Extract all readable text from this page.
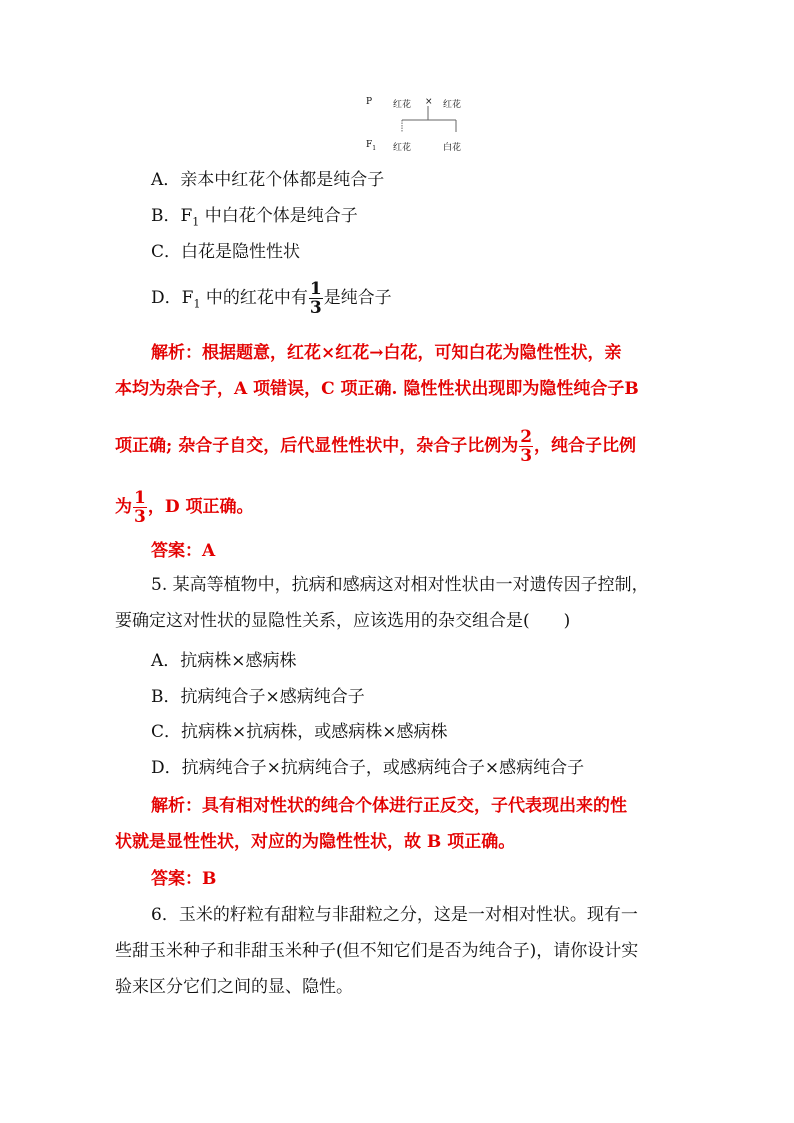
P 红花 × 红花
$F_1$ 红花	白花
A．亲本中红花个体都是纯合子
B．$F_1$ 中白花个体是纯合子
C．白花是隐性性状
D．$F_1$ 中的红花中有 $\frac{1}{3}$ 是纯合子
解析：根据题意，红花×红花→白花，可知白花为隐性性状，亲
本均为杂合子，A 项错误，C 项正确. 隐性性状出现即为隐性纯合子B
项正确; 杂合子自交，后代显性性状中，杂合子比例为 $\frac{2}{3}$ ，纯合子比例
为 $\frac{1}{3}$ ，D 项正确。
答案：A
5. 某高等植物中，抗病和感病这对相对性状由一对遗传因子控制，
要确定这对性状的显隐性关系，应该选用的杂交组合是(　　)
A．抗病株×感病株
B．抗病纯合子×感病纯合子
C．抗病株×抗病株，或感病株×感病株
D．抗病纯合子×抗病纯合子，或感病纯合子×感病纯合子
解析：具有相对性状的纯合个体进行正反交，子代表现出来的性
状就是显性性状，对应的为隐性性状，故 B 项正确。
答案：B
6．玉米的籽粒有甜粒与非甜粒之分，这是一对相对性状。现有一
些甜玉米种子和非甜玉米种子(但不知它们是否为纯合子)，请你设计实
验来区分它们之间的显、隐性。
